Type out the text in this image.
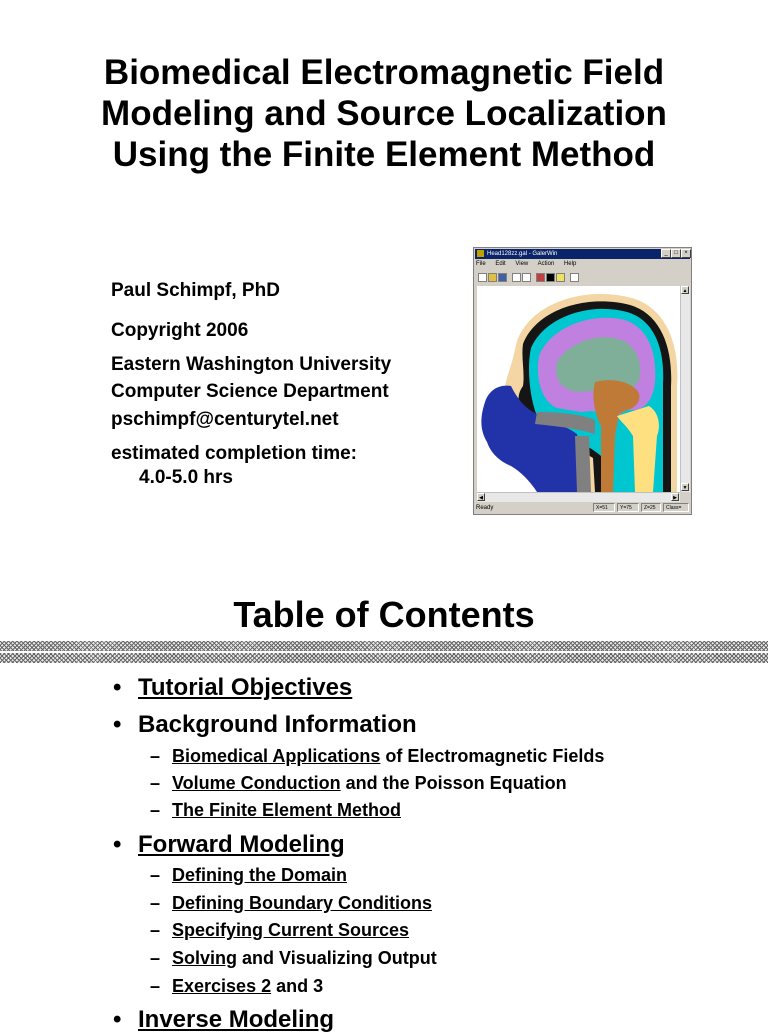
Biomedical Electromagnetic Field Modeling and Source Localization Using the Finite Element Method
Paul Schimpf, PhD
Copyright 2006
Eastern Washington University
Computer Science Department
pschimpf@centurytel.net
estimated completion time:
4.0-5.0 hrs
Head128zz.gal - GalerWin	_	□	×
File Edit View Action Help
▲
▼
◀	▶
Ready	X=51	Y=75	Z=25	Class=
Table of Contents
• Tutorial Objectives
• Background Information
– Biomedical Applications of Electromagnetic Fields
– Volume Conduction and the Poisson Equation
– The Finite Element Method
• Forward Modeling
– Defining the Domain
– Defining Boundary Conditions
– Specifying Current Sources
– Solving and Visualizing Output
– Exercises 2 and 3
• Inverse Modeling
